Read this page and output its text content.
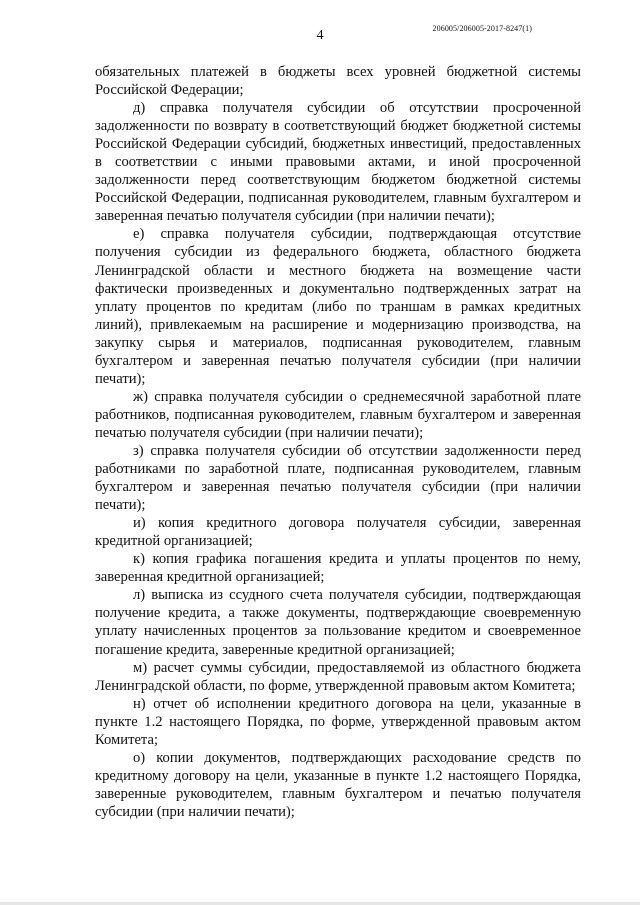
4	206005/206005-2017-8247(1)

обязательных платежей в бюджеты всех уровней бюджетной системы Российской Федерации;

д) справка получателя субсидии об отсутствии просроченной задолженности по возврату в соответствующий бюджет бюджетной системы Российской Федерации субсидий, бюджетных инвестиций, предоставленных в соответствии с иными правовыми актами, и иной просроченной задолженности перед соответствующим бюджетом бюджетной системы Российской Федерации, подписанная руководителем, главным бухгалтером и заверенная печатью получателя субсидии (при наличии печати);

е) справка получателя субсидии, подтверждающая отсутствие получения субсидии из федерального бюджета, областного бюджета Ленинградской области и местного бюджета на возмещение части фактически произведенных и документально подтвержденных затрат на уплату процентов по кредитам (либо по траншам в рамках кредитных линий), привлекаемым на расширение и модернизацию производства, на закупку сырья и материалов, подписанная руководителем, главным бухгалтером и заверенная печатью получателя субсидии (при наличии печати);

ж) справка получателя субсидии о среднемесячной заработной плате работников, подписанная руководителем, главным бухгалтером и заверенная печатью получателя субсидии (при наличии печати);

з) справка получателя субсидии об отсутствии задолженности перед работниками по заработной плате, подписанная руководителем, главным бухгалтером и заверенная печатью получателя субсидии (при наличии печати);

и) копия кредитного договора получателя субсидии, заверенная кредитной организацией;

к) копия графика погашения кредита и уплаты процентов по нему, заверенная кредитной организацией;

л) выписка из ссудного счета получателя субсидии, подтверждающая получение кредита, а также документы, подтверждающие своевременную уплату начисленных процентов за пользование кредитом и своевременное погашение кредита, заверенные кредитной организацией;

м) расчет суммы субсидии, предоставляемой из областного бюджета Ленинградской области, по форме, утвержденной правовым актом Комитета;

н) отчет об исполнении кредитного договора на цели, указанные в пункте 1.2 настоящего Порядка, по форме, утвержденной правовым актом Комитета;

о) копии документов, подтверждающих расходование средств по кредитному договору на цели, указанные в пункте 1.2 настоящего Порядка, заверенные руководителем, главным бухгалтером и печатью получателя субсидии (при наличии печати);
